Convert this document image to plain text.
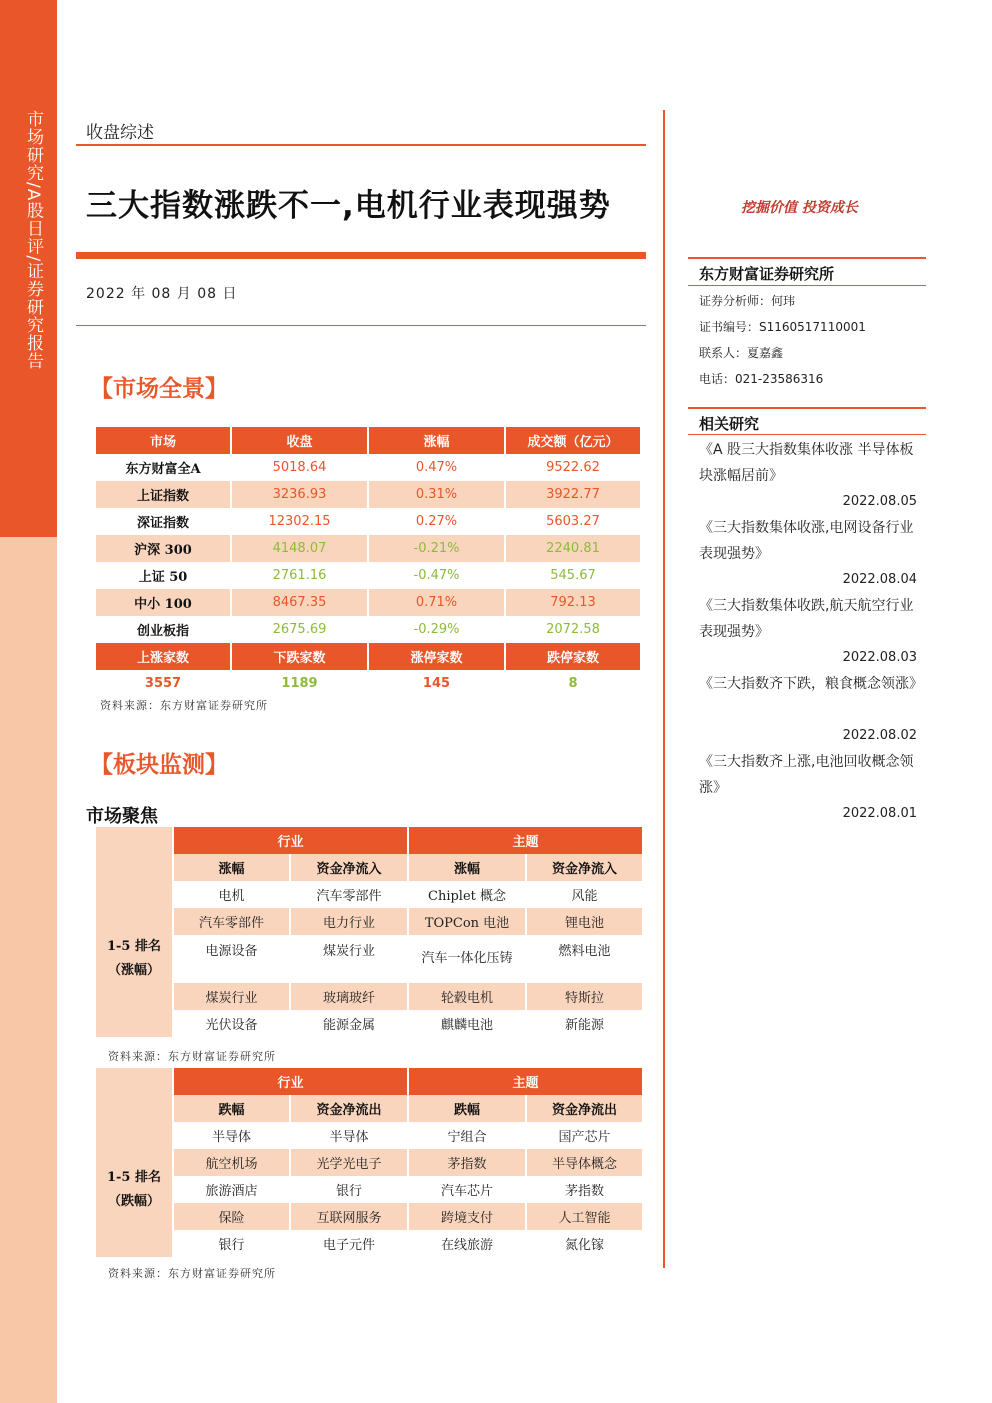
市场研究/A股日评/证券研究报告	收盘综述
三大指数涨跌不一,电机行业表现强势
2022 年 08 月 08 日
【市场全景】
市场	收盘	涨幅	成交额（亿元）
东方财富全A	5018.64	0.47%	9522.62
上证指数	3236.93	0.31%	3922.77
深证指数	12302.15	0.27%	5603.27
沪深 300	4148.07	-0.21%	2240.81
上证 50	2761.16	-0.47%	545.67
中小 100	8467.35	0.71%	792.13
创业板指	2675.69	-0.29%	2072.58
上涨家数	下跌家数	涨停家数	跌停家数
3557	1189	145	8
资料来源：东方财富证券研究所
【板块监测】
市场聚焦
	行业		主题	
	涨幅	资金净流入	涨幅	资金净流入

1-5 排名
（涨幅）	电机	汽车零部件	Chiplet 概念	风能
	汽车零部件	电力行业	TOPCon 电池	锂电池
	电源设备	煤炭行业	汽车一体化压铸	燃料电池
	煤炭行业	玻璃玻纤	轮毂电机	特斯拉
	光伏设备	能源金属	麒麟电池	新能源
资料来源：东方财富证券研究所
	行业		主题	
	跌幅	资金净流出	跌幅	资金净流出

1-5 排名
（跌幅）	半导体	半导体	宁组合	国产芯片
	航空机场	光学光电子	茅指数	半导体概念
	旅游酒店	银行	汽车芯片	茅指数
	保险	互联网服务	跨境支付	人工智能
	银行	电子元件	在线旅游	氮化镓
资料来源：东方财富证券研究所
挖掘价值 投资成长
东方财富证券研究所
证券分析师：何玮
证书编号：S1160517110001
联系人：夏嘉鑫
电话：021-23586316
相关研究
《A 股三大指数集体收涨 半导体板块涨幅居前》
2022.08.05
《三大指数集体收涨,电网设备行业表现强势》
2022.08.04
《三大指数集体收跌,航天航空行业表现强势》
2022.08.03
《三大指数齐下跌，粮食概念领涨》
2022.08.02
《三大指数齐上涨,电池回收概念领涨》
2022.08.01
